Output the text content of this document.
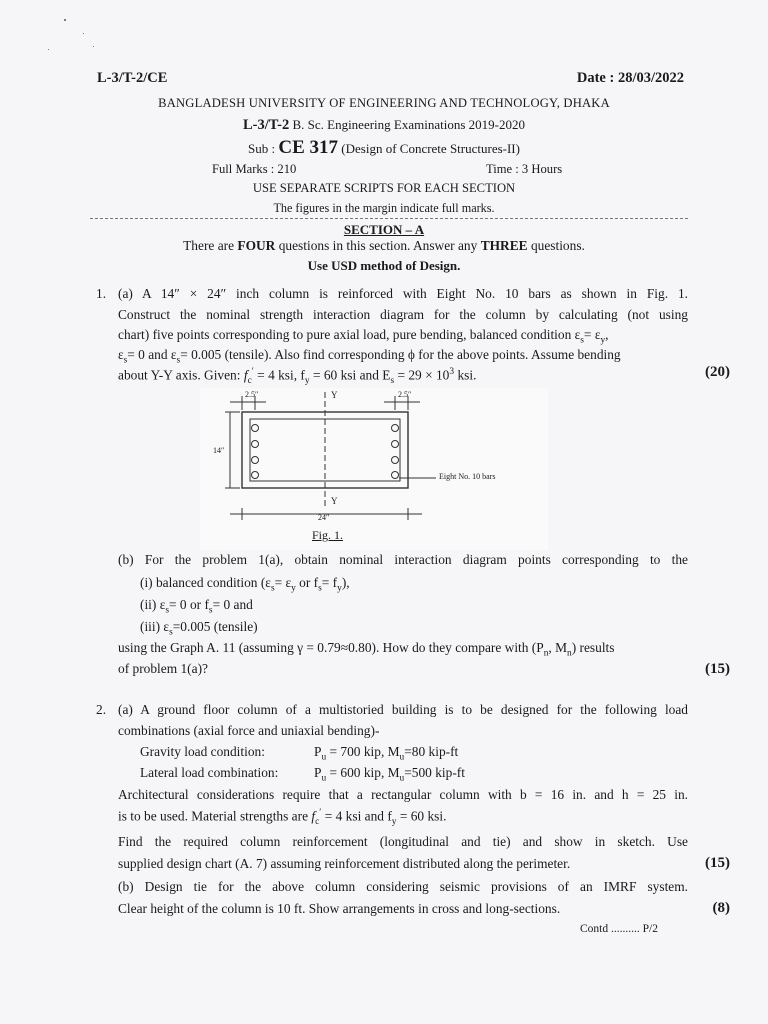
L-3/T-2/CE	Date : 28/03/2022
BANGLADESH UNIVERSITY OF ENGINEERING AND TECHNOLOGY, DHAKA
L-3/T-2 B. Sc. Engineering Examinations 2019-2020
Sub : CE 317 (Design of Concrete Structures-II)
Full Marks : 210	Time : 3 Hours
USE SEPARATE SCRIPTS FOR EACH SECTION
The figures in the margin indicate full marks.
SECTION – A
There are FOUR questions in this section. Answer any THREE questions.
Use USD method of Design.
1. (a) A 14″ × 24″ inch column is reinforced with Eight No. 10 bars as shown in Fig. 1.
Construct the nominal strength interaction diagram for the column by calculating (not using
chart) five points corresponding to pure axial load, pure bending, balanced condition $\varepsilon_s= \varepsilon_y$,
$\varepsilon_s= 0$ and $\varepsilon_s= 0.005$ (tensile). Also find corresponding ϕ for the above points. Assume bending
about Y-Y axis. Given: $f_c' = 4$ ksi, $f_y = 60$ ksi and $E_s = 29 \times 10^3$ ksi.	(20)
2.5″	2.5″
Y
Y
14″
24″
Eight No. 10 bars
Fig. 1.
(b) For the problem 1(a), obtain nominal interaction diagram points corresponding to the
(i) balanced condition ($\varepsilon_s= \varepsilon_y$ or $f_s= f_y$),
(ii) $\varepsilon_s= 0$ or $f_s= 0$ and
(iii) $\varepsilon_s=0.005$ (tensile)
using the Graph A. 11 (assuming γ = 0.79≈0.80). How do they compare with ($P_n$, $M_n$) results
of problem 1(a)?	(15)
2. (a) A ground floor column of a multistoried building is to be designed for the following load
combinations (axial force and uniaxial bending)-
Gravity load condition:	$P_u = 700$ kip, $M_u=80$ kip-ft
Lateral load combination:	$P_u = 600$ kip, $M_u=500$ kip-ft
Architectural considerations require that a rectangular column with b = 16 in. and h = 25 in.
is to be used. Material strengths are $f_c' = 4$ ksi and $f_y = 60$ ksi.
Find the required column reinforcement (longitudinal and tie) and show in sketch. Use
supplied design chart (A. 7) assuming reinforcement distributed along the perimeter.	(15)
(b) Design tie for the above column considering seismic provisions of an IMRF system.
Clear height of the column is 10 ft. Show arrangements in cross and long-sections.	(8)
Contd .......... P/2
